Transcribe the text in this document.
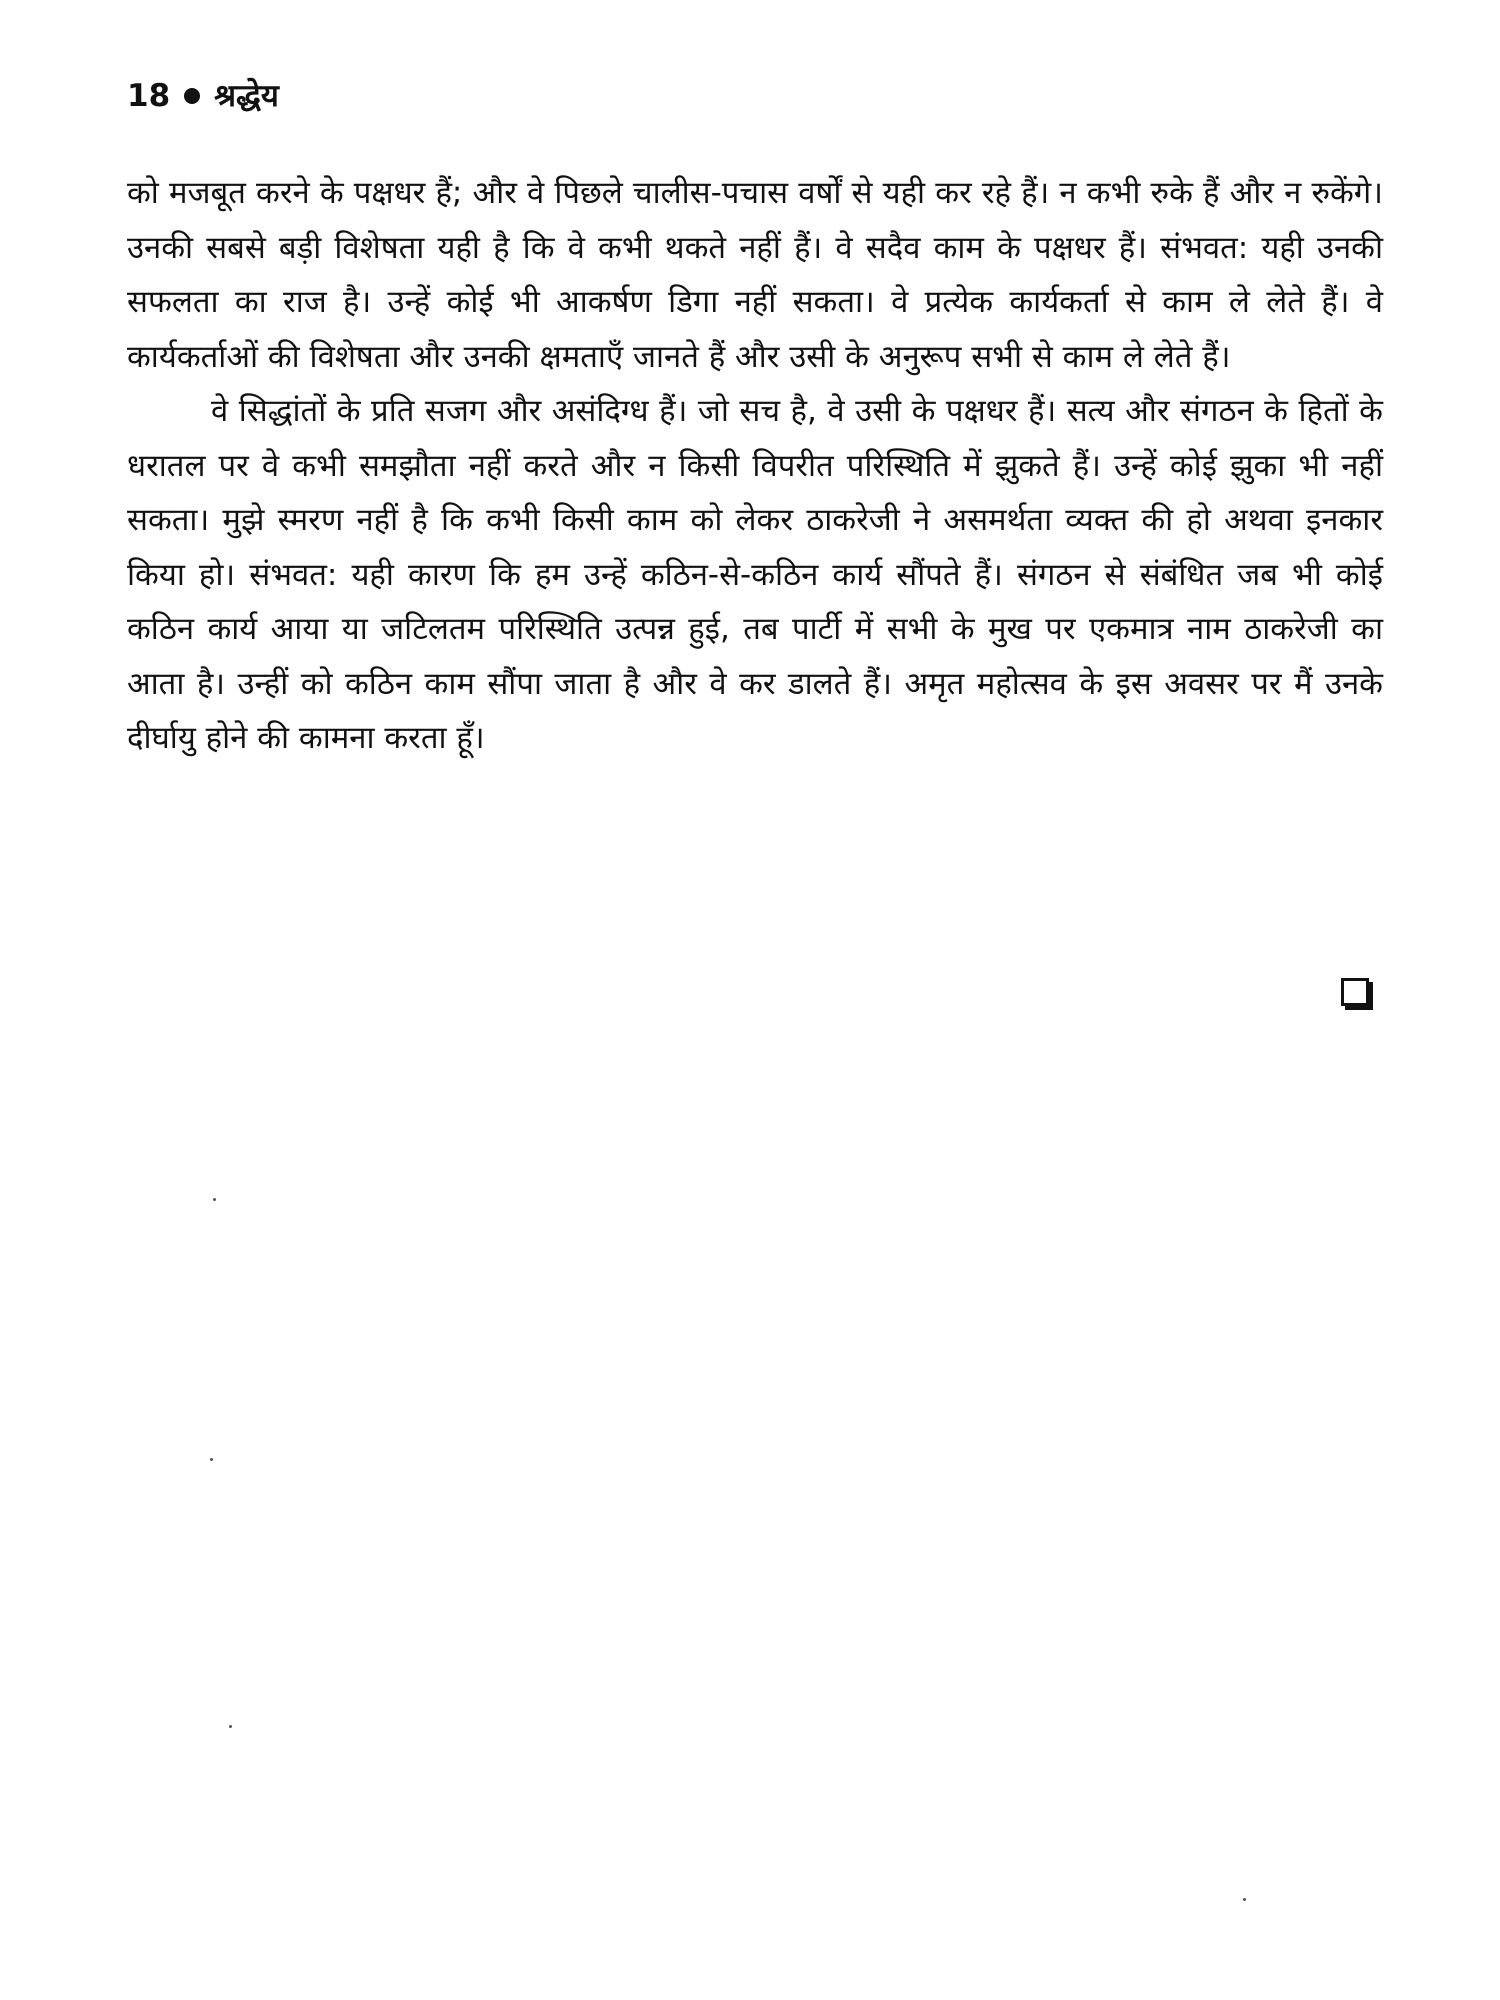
18 श्रद्धेय

को मजबूत करने के पक्षधर हैं; और वे पिछले चालीस-पचास वर्षों से यही कर रहे हैं। न कभी रुके हैं और न रुकेंगे। उनकी सबसे बड़ी विशेषता यही है कि वे कभी थकते नहीं हैं। वे सदैव काम के पक्षधर हैं। संभवत: यही उनकी सफलता का राज है। उन्हें कोई भी आकर्षण डिगा नहीं सकता। वे प्रत्येक कार्यकर्ता से काम ले लेते हैं। वे कार्यकर्ताओं की विशेषता और उनकी क्षमताएँ जानते हैं और उसी के अनुरूप सभी से काम ले लेते हैं।

वे सिद्धांतों के प्रति सजग और असंदिग्ध हैं। जो सच है, वे उसी के पक्षधर हैं। सत्य और संगठन के हितों के धरातल पर वे कभी समझौता नहीं करते और न किसी विपरीत परिस्थिति में झुकते हैं। उन्हें कोई झुका भी नहीं सकता। मुझे स्मरण नहीं है कि कभी किसी काम को लेकर ठाकरेजी ने असमर्थता व्यक्त की हो अथवा इनकार किया हो। संभवत: यही कारण कि हम उन्हें कठिन-से-कठिन कार्य सौंपते हैं। संगठन से संबंधित जब भी कोई कठिन कार्य आया या जटिलतम परिस्थिति उत्पन्न हुई, तब पार्टी में सभी के मुख पर एकमात्र नाम ठाकरेजी का आता है। उन्हीं को कठिन काम सौंपा जाता है और वे कर डालते हैं। अमृत महोत्सव के इस अवसर पर मैं उनके दीर्घायु होने की कामना करता हूँ।
